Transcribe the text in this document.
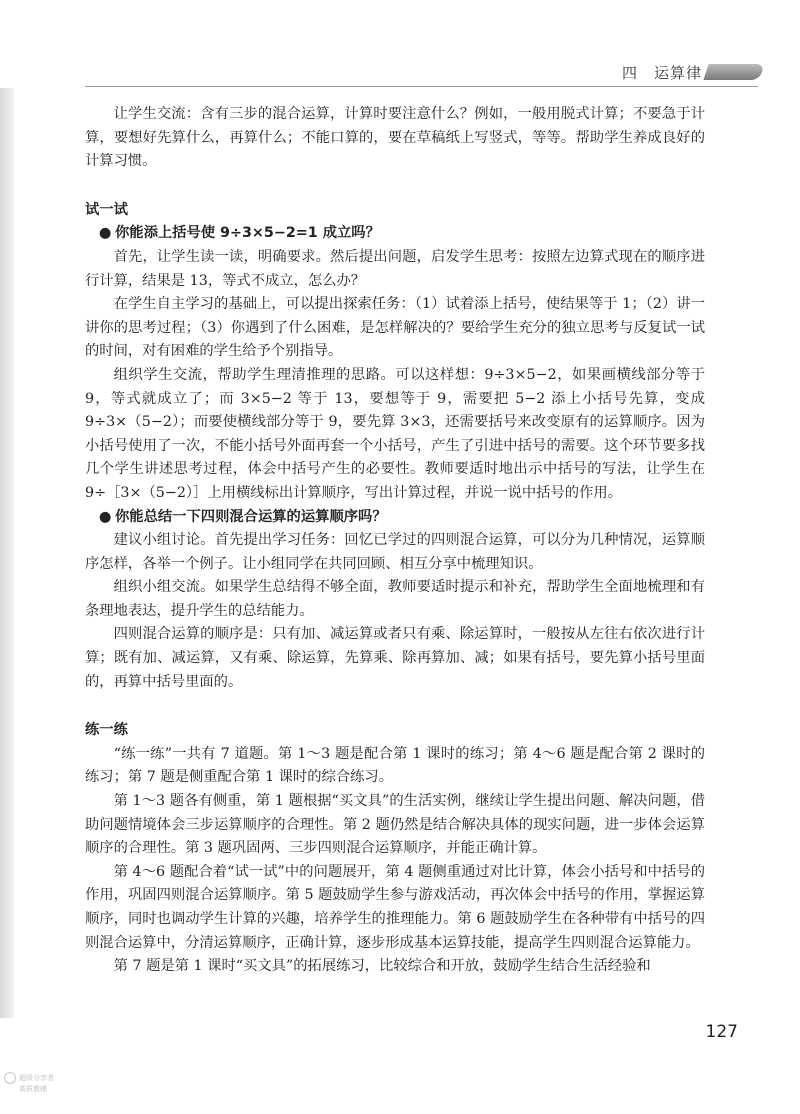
四　运算律

让学生交流：含有三步的混合运算，计算时要注意什么？例如，一般用脱式计算；不要急于计算，要想好先算什么，再算什么；不能口算的，要在草稿纸上写竖式，等等。帮助学生养成良好的计算习惯。

试一试
● 你能添上括号使 9÷3×5−2=1 成立吗？

首先，让学生读一读，明确要求。然后提出问题，启发学生思考：按照左边算式现在的顺序进行计算，结果是 13，等式不成立，怎么办？

在学生自主学习的基础上，可以提出探索任务：（1）试着添上括号，使结果等于 1；（2）讲一讲你的思考过程；（3）你遇到了什么困难，是怎样解决的？要给学生充分的独立思考与反复试一试的时间，对有困难的学生给予个别指导。

组织学生交流，帮助学生理清推理的思路。可以这样想：9÷3×5−2，如果画横线部分等于 9，等式就成立了；而 3×5−2 等于 13，要想等于 9，需要把 5−2 添上小括号先算，变成 9÷3×（5−2）；而要使横线部分等于 9，要先算 3×3，还需要括号来改变原有的运算顺序。因为小括号使用了一次，不能小括号外面再套一个小括号，产生了引进中括号的需要。这个环节要多找几个学生讲述思考过程，体会中括号产生的必要性。教师要适时地出示中括号的写法，让学生在 9÷［3×（5−2）］上用横线标出计算顺序，写出计算过程，并说一说中括号的作用。

● 你能总结一下四则混合运算的运算顺序吗？

建议小组讨论。首先提出学习任务：回忆已学过的四则混合运算，可以分为几种情况，运算顺序怎样，各举一个例子。让小组同学在共同回顾、相互分享中梳理知识。

组织小组交流。如果学生总结得不够全面，教师要适时提示和补充，帮助学生全面地梳理和有条理地表达，提升学生的总结能力。

四则混合运算的顺序是：只有加、减运算或者只有乘、除运算时，一般按从左往右依次进行计算；既有加、减运算，又有乘、除运算，先算乘、除再算加、减；如果有括号，要先算小括号里面的，再算中括号里面的。

练一练

“练一练”一共有 7 道题。第 1～3 题是配合第 1 课时的练习；第 4～6 题是配合第 2 课时的练习；第 7 题是侧重配合第 1 课时的综合练习。

第 1～3 题各有侧重，第 1 题根据“买文具”的生活实例，继续让学生提出问题、解决问题，借助问题情境体会三步运算顺序的合理性。第 2 题仍然是结合解决具体的现实问题，进一步体会运算顺序的合理性。第 3 题巩固两、三步四则混合运算顺序，并能正确计算。

第 4～6 题配合着“试一试”中的问题展开，第 4 题侧重通过对比计算，体会小括号和中括号的作用，巩固四则混合运算顺序。第 5 题鼓励学生参与游戏活动，再次体会中括号的作用，掌握运算顺序，同时也调动学生计算的兴趣，培养学生的推理能力。第 6 题鼓励学生在各种带有中括号的四则混合运算中，分清运算顺序，正确计算，逐步形成基本运算技能，提高学生四则混合运算能力。

第 7 题是第 1 课时“买文具”的拓展练习，比较综合和开放，鼓励学生结合生活经验和

127
超级分享者
高质教辅
